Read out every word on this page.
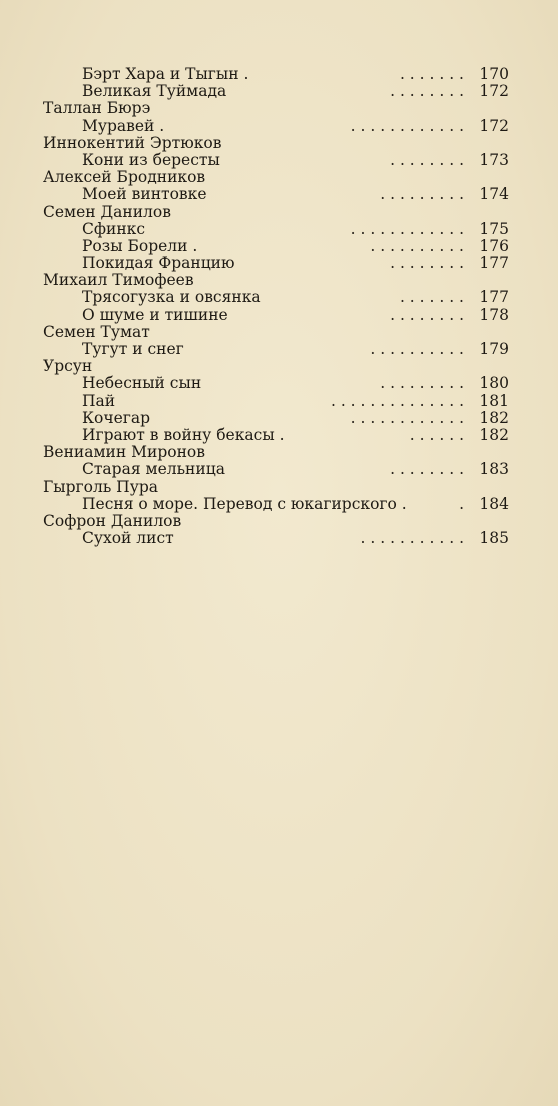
Бэрт Хара и Тыгын .	. . . . . . . 170
Великая Туймада	. . . . . . . . 172
Таллан Бюрэ
Муравей .	. . . . . . . . . . . . 172
Иннокентий Эртюков
Кони из бересты	. . . . . . . . 173
Алексей Бродников
Моей винтовке	. . . . . . . . . 174
Семен Данилов
Сфинкс	. . . . . . . . . . . . 175
Розы Борели .	. . . . . . . . . . 176
Покидая Францию	. . . . . . . . 177
Михаил Тимофеев
Трясогузка и овсянка	. . . . . . . 177
О шуме и тишине	. . . . . . . . 178
Семен Тумат
Тугут и снег	. . . . . . . . . . 179
Урсун
Небесный сын	. . . . . . . . . 180
Пай	. . . . . . . . . . . . . . 181
Кочегар	. . . . . . . . . . . . 182
Играют в войну бекасы .	. . . . . . 182
Вениамин Миронов
Старая мельница	. . . . . . . . 183
Гырголь Пура
Песня о море. Перевод с юкагирского .	. 184
Софрон Данилов
Сухой лист	. . . . . . . . . . . 185
